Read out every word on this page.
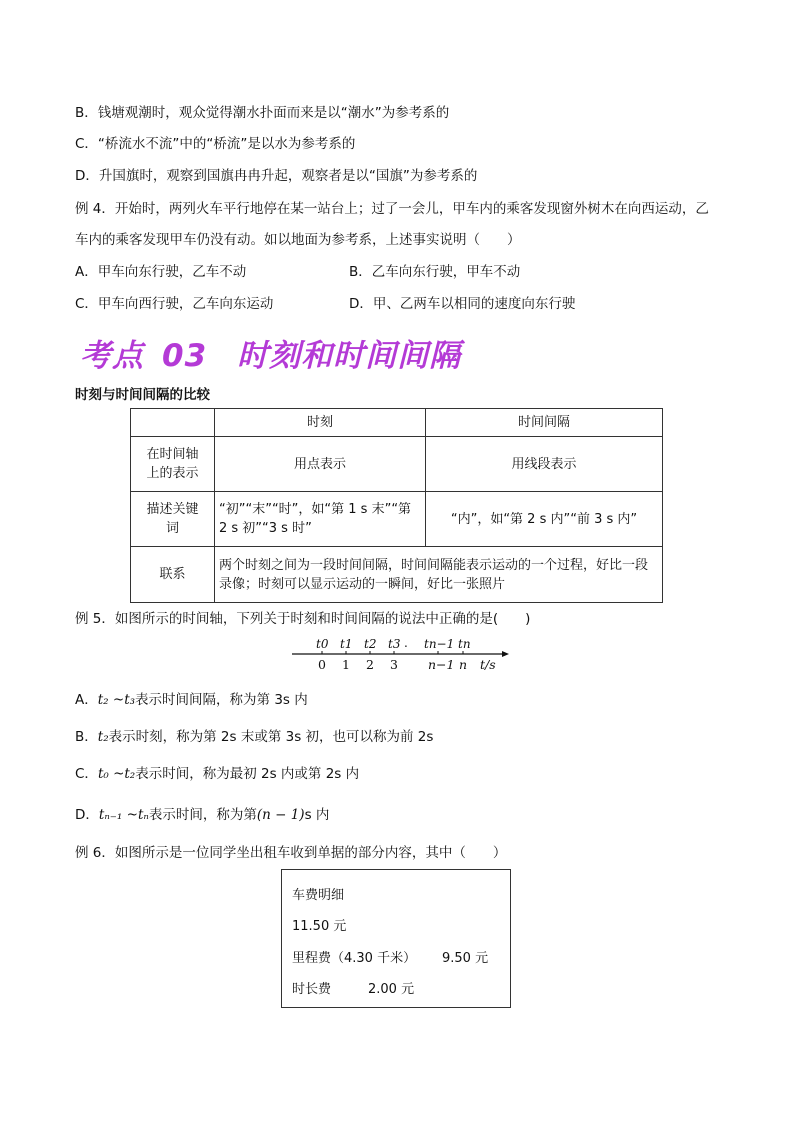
B．钱塘观潮时，观众觉得潮水扑面而来是以“潮水”为参考系的
C．“桥流水不流”中的“桥流”是以水为参考系的
D．升国旗时，观察到国旗冉冉升起，观察者是以“国旗”为参考系的
例 4．开始时，两列火车平行地停在某一站台上；过了一会儿，甲车内的乘客发现窗外树木在向西运动，乙
车内的乘客发现甲车仍没有动。如以地面为参考系，上述事实说明（　　）
A．甲车向东行驶，乙车不动	B．乙车向东行驶，甲车不动
C．甲车向西行驶，乙车向东运动	D．甲、乙两车以相同的速度向东行驶
考点 03 时刻和时间间隔
时刻与时间间隔的比较
	时刻	时间间隔
在时间轴上的表示	用点表示	用线段表示
描述关键词	“初”“末”“时”，如“第 1 s 末”“第 2 s 初”“3 s 时”	“内”，如“第 2 s 内”“前 3 s 内”
联系	两个时刻之间为一段时间间隔，时间间隔能表示运动的一个过程，好比一段录像；时刻可以显示运动的一瞬间，好比一张照片	
例 5．如图所示的时间轴，下列关于时刻和时间间隔的说法中正确的是(　　)
.
t0 t1 t2 t3 tn−1 tn
0 1 2 3 n−1 n t/s
A．t₂ ~t₃表示时间间隔，称为第 3s 内
B．t₂表示时刻，称为第 2s 末或第 3s 初，也可以称为前 2s
C．t₀ ~t₂表示时间，称为最初 2s 内或第 2s 内
D．tₙ₋₁ ~tₙ表示时间，称为第(n − 1)s 内
例 6．如图所示是一位同学坐出租车收到单据的部分内容，其中（　　）
车费明细
11.50 元
里程费（4.30 千米） 9.50 元
时长费	2.00 元
